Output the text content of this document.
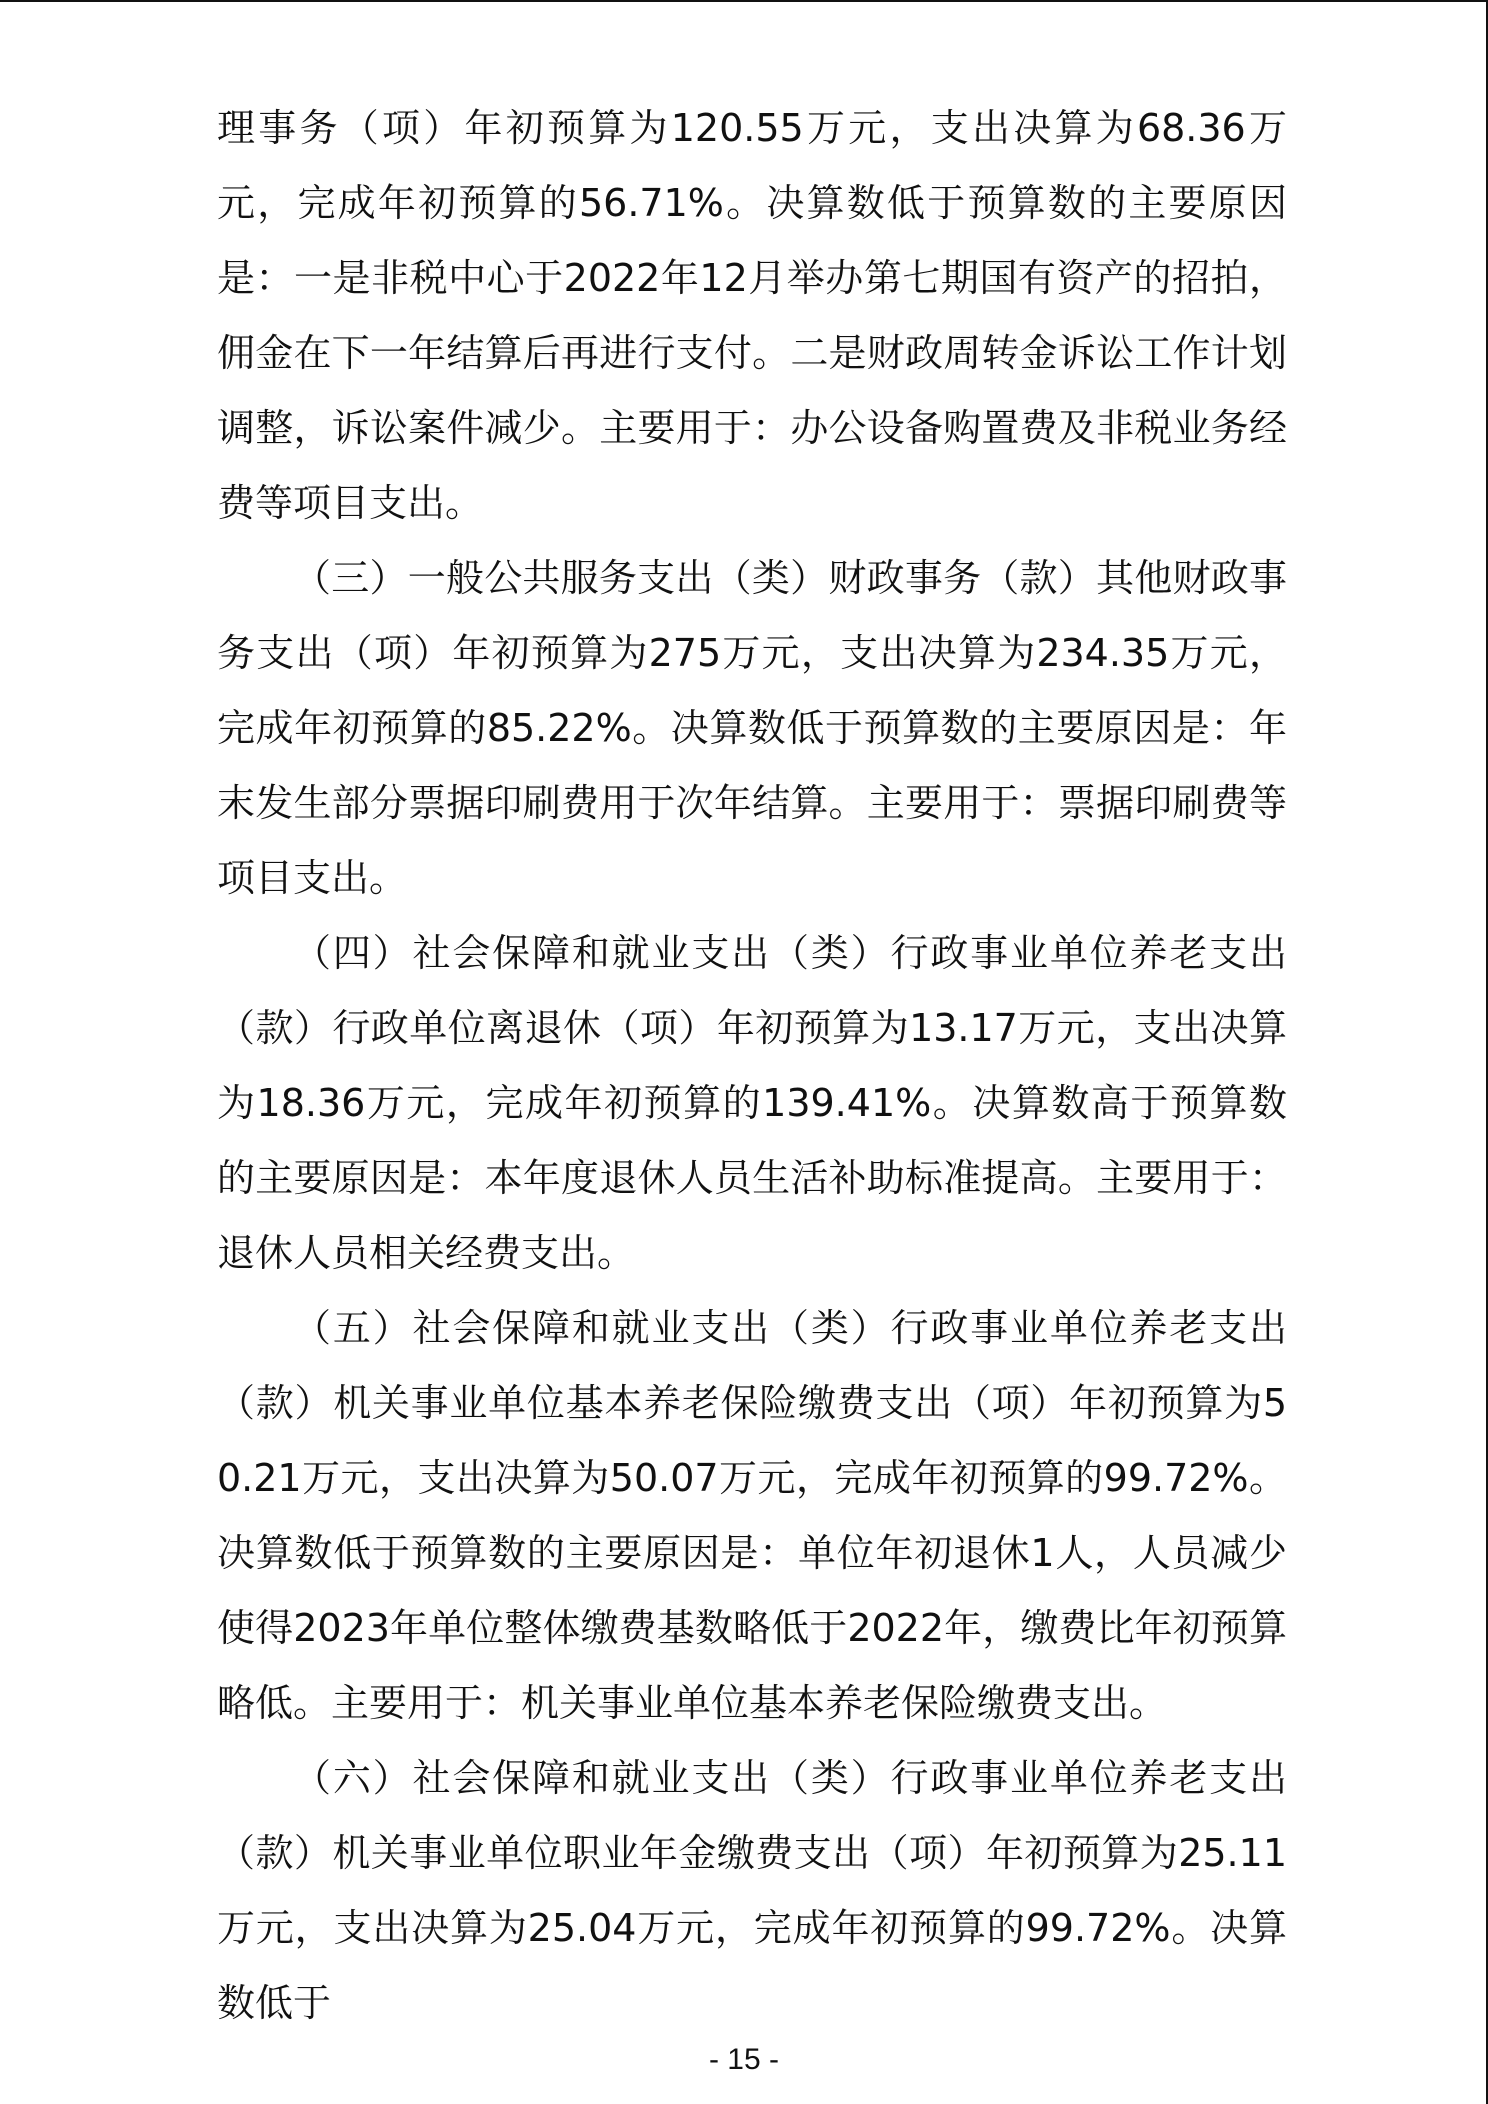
理事务（项）年初预算为120.55万元，支出决算为68.36万元，完成年初预算的56.71%。决算数低于预算数的主要原因是：一是非税中心于2022年12月举办第七期国有资产的招拍，佣金在下一年结算后再进行支付。二是财政周转金诉讼工作计划调整，诉讼案件减少。主要用于：办公设备购置费及非税业务经费等项目支出。

（三）一般公共服务支出（类）财政事务（款）其他财政事务支出（项）年初预算为275万元，支出决算为234.35万元，完成年初预算的85.22%。决算数低于预算数的主要原因是：年末发生部分票据印刷费用于次年结算。主要用于：票据印刷费等项目支出。

（四）社会保障和就业支出（类）行政事业单位养老支出（款）行政单位离退休（项）年初预算为13.17万元，支出决算为18.36万元，完成年初预算的139.41%。决算数高于预算数的主要原因是：本年度退休人员生活补助标准提高。主要用于：退休人员相关经费支出。

（五）社会保障和就业支出（类）行政事业单位养老支出（款）机关事业单位基本养老保险缴费支出（项）年初预算为50.21万元，支出决算为50.07万元，完成年初预算的99.72%。决算数低于预算数的主要原因是：单位年初退休1人，人员减少使得2023年单位整体缴费基数略低于2022年，缴费比年初预算略低。主要用于：机关事业单位基本养老保险缴费支出。

（六）社会保障和就业支出（类）行政事业单位养老支出（款）机关事业单位职业年金缴费支出（项）年初预算为25.11万元，支出决算为25.04万元，完成年初预算的99.72%。决算数低于

- 15 -
